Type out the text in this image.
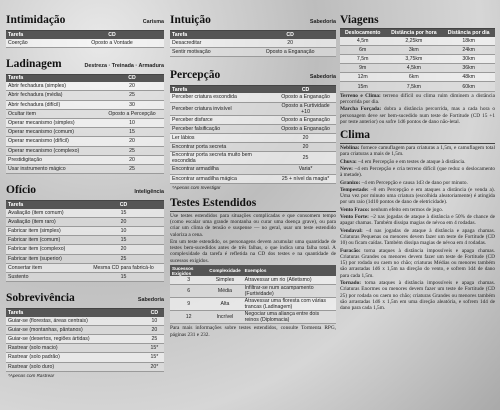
Intimidação	Carisma
Tarefa	CD
Coerção	Oposto a Vontade
Ladinagem	Destreza · Treinada · Armadura
Tarefa	CD
Abrir fechadura (simples)	20
Abrir fechadura (média)	25
Abrir fechadura (difícil)	30
Ocultar item	Oposto a Percepção
Operar mecanismo (simples)	10
Operar mecanismo (comum)	15
Operar mecanismo (difícil)	20
Operar mecanismo (complexo)	25
Prestidigitação	20
Usar instrumento mágico	25
Ofício	Inteligência
Tarefa	CD
Avaliação (item comum)	15
Avaliação (item raro)	20
Fabricar item (simples)	10
Fabricar item (comum)	15
Fabricar item (complexo)	20
Fabricar item (superior)	25
Consertar item	Mesma CD para fabricá-lo
Sustento	15
Sobrevivência	Sabedoria
Tarefa	CD
Guiar-se (florestas, áreas centrais)	10
Guiar-se (montanhas, pântanos)	20
Guiar-se (desertos, regiões ártidas)	25
Rastrear (solo macio)	15*
Rastrear (solo padrão)	15*
Rastrear (solo duro)	20*
*Apenas com Rastrear
Intuição	Sabedoria
Tarefa	CD
Desacreditar	20
Sentir motivação	Oposto a Enganação
Percepção	Sabedoria
Tarefa	CD
Perceber criatura escondida	Oposto a Enganação
Perceber criatura invisível	Oposto a Furtividade +10
Perceber disfarce	Oposto a Enganação
Perceber falsificação	Oposto a Enganação
Ler lábios	20
Encontrar porta secreta	20
Encontrar porta secreta muito bem escondida	25
Encontrar armadilha	Varia*
Encontrar armadilha mágica	25 + nível da magia*
*Apenas com Investigar
Testes Estendidos

Use testes estendidos para situações complicadas e que consomem tempo (como escalar uma grande montanha ou curar uma doença grave), ou para criar um clima de tensão e suspense — no geral, usar um teste estendido valoriza a cena.

Em um teste estendido, os personagens devem acumular uma quantidade de testes bem-sucedidos antes de três falhas, o que indica uma falha total. A complexidade da tarefa é refletida na CD dos testes e na quantidade de sucessos exigidos.

Sucessos Exigidos	Complexidade	Exemplos
3	Simples	Atravessar um rio (Atletismo)
6	Média	Infiltrar-se num acampamento (Furtividade)
9	Alta	Atravessar uma floresta com várias trancas (Ladinagem)
12	Incrível	Negociar uma aliança entre dois reinos (Diplomacia)

Para mais informações sobre testes estendidos, consulte Tormenta RPG, páginas 231 e 232.

Viagens
Deslocamento	Distância por hora	Distância por dia
4,5m	2,25km	18km
6m	3km	24km
7,5m	3,75km	30km
9m	4,5km	36km
12m	6km	48km
15m	7,5km	60km

Terreno e Clima: terreno difícil ou clima ruim diminem a distância percorrida por dia.

Marcha Forçada: dobra a distância percorrida, mas a cada hora o personagem deve ser bem-sucedido num teste de Fortitude (CD 15 +1 por teste anterior) ou sofre 1d6 pontos de dano não-letal.

Clima

Neblina: fornece camuflagem para criaturas a 1,5m, e camuflagem total para criaturas a mais de 1,5m.

Chuva: –4 em Percepção e em testes de ataque à distância.

Neve: –4 em Percepção e cria terreno difícil (que reduz o deslocamento à metade).

Granizo: –4 em Percepção e causa 1d3 de dano por minuto.

Tempestade: –8 em Percepção e em ataques a distância (e venda a). Uma vez por minuto uma criatura (escolhida aleatoriamente) é atingida por um raio (1d10 pontos de dano de eletricidade).

Vento Fraco: nenhum efeito em termos de jogo.

Vento Forte: –2 nas jogadas de ataque à distância e 50% de chance de apagar chamas. Também dissipa magias de névoa em 4 rodadas.

Vendaval: –4 nas jogadas de ataque à distância e apaga chamas. Criaturas Pequenas ou menores devem fazer um teste de Fortitude (CD 10) ou ficam caídas. Também dissipa magias de névoa em 4 rodadas.

Furacão: torna ataques à distância impossíveis e apaga chamas. Criaturas Grandes ou menores devem fazer um teste de Fortitude (CD 15) por rodada ou caem no chão; criaturas Médias ou menores também são arrastadas 1d6 x 1,5m na direção do vento, e sofrem 1d4 de dano para cada 1,5m.

Tornado: torna ataques à distância impossíveis e apaga chamas. Criaturas Enormes ou menores devem fazer um teste de Fortitude (CD 25) por rodada ou caem no chão; criaturas Grandes ou menores também são arrastadas 1d6 x 1,5m em uma direção aleatória, e sofrem 1d4 de dano para cada 1,5m.
